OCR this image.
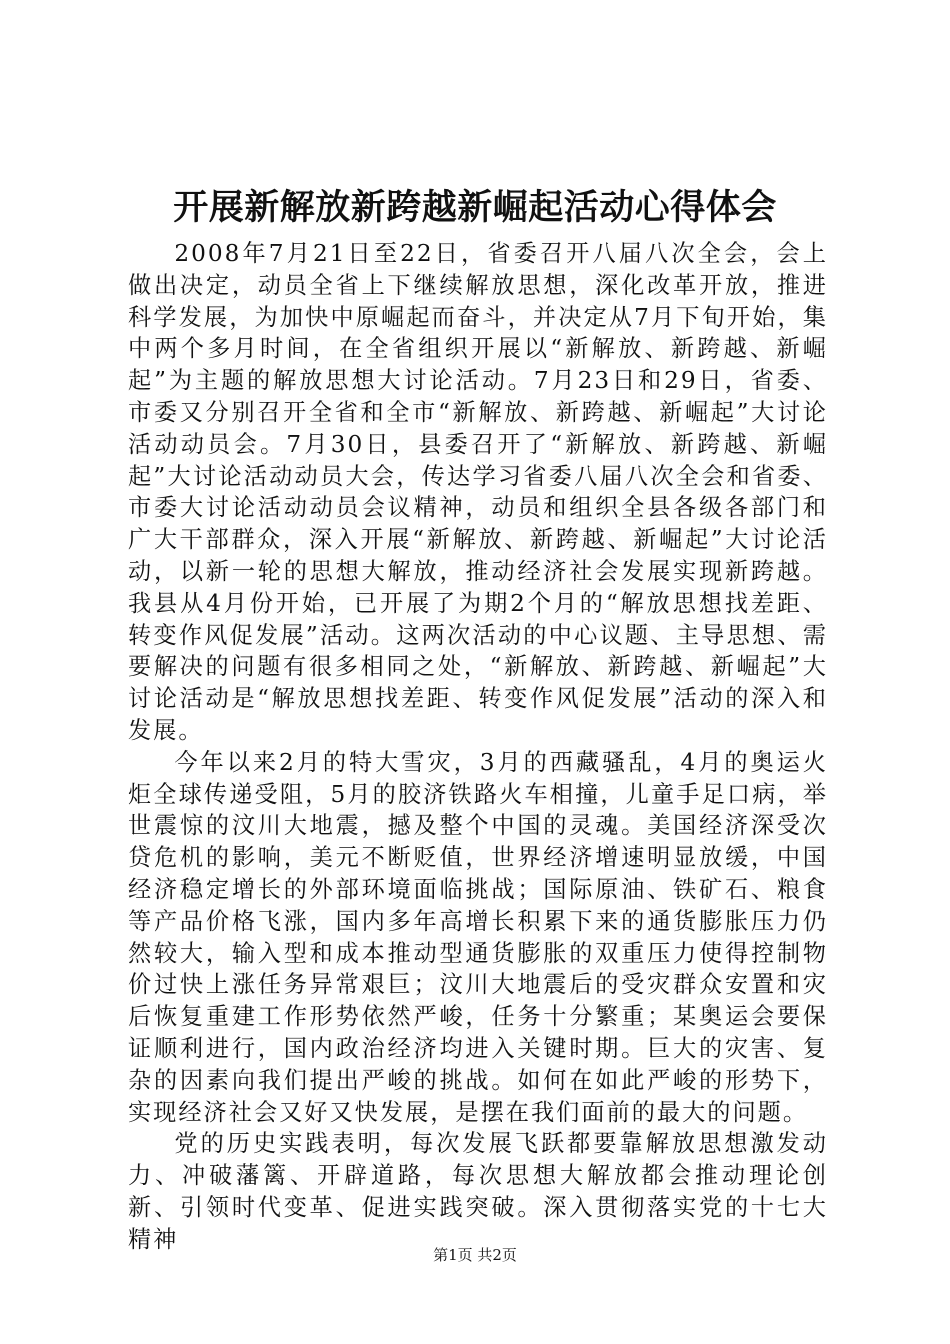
开展新解放新跨越新崛起活动心得体会

2008年7月21日至22日，省委召开八届八次全会，会上做出决定，动员全省上下继续解放思想，深化改革开放，推进科学发展，为加快中原崛起而奋斗，并决定从7月下旬开始，集中两个多月时间，在全省组织开展以“新解放、新跨越、新崛起”为主题的解放思想大讨论活动。7月23日和29日，省委、市委又分别召开全省和全市“新解放、新跨越、新崛起”大讨论活动动员会。7月30日，县委召开了“新解放、新跨越、新崛起”大讨论活动动员大会，传达学习省委八届八次全会和省委、市委大讨论活动动员会议精神，动员和组织全县各级各部门和广大干部群众，深入开展“新解放、新跨越、新崛起”大讨论活动，以新一轮的思想大解放，推动经济社会发展实现新跨越。我县从4月份开始，已开展了为期2个月的“解放思想找差距、转变作风促发展”活动。这两次活动的中心议题、主导思想、需要解决的问题有很多相同之处，“新解放、新跨越、新崛起”大讨论活动是“解放思想找差距、转变作风促发展”活动的深入和发展。

今年以来2月的特大雪灾，3月的西藏骚乱，4月的奥运火炬全球传递受阻，5月的胶济铁路火车相撞，儿童手足口病，举世震惊的汶川大地震，撼及整个中国的灵魂。美国经济深受次贷危机的影响，美元不断贬值，世界经济增速明显放缓，中国经济稳定增长的外部环境面临挑战；国际原油、铁矿石、粮食等产品价格飞涨，国内多年高增长积累下来的通货膨胀压力仍然较大，输入型和成本推动型通货膨胀的双重压力使得控制物价过快上涨任务异常艰巨；汶川大地震后的受灾群众安置和灾后恢复重建工作形势依然严峻，任务十分繁重；某奥运会要保证顺利进行，国内政治经济均进入关键时期。巨大的灾害、复杂的因素向我们提出严峻的挑战。如何在如此严峻的形势下，实现经济社会又好又快发展，是摆在我们面前的最大的问题。

党的历史实践表明，每次发展飞跃都要靠解放思想激发动力、冲破藩篱、开辟道路，每次思想大解放都会推动理论创新、引领时代变革、促进实践突破。深入贯彻落实党的十七大精神

第1页 共2页
